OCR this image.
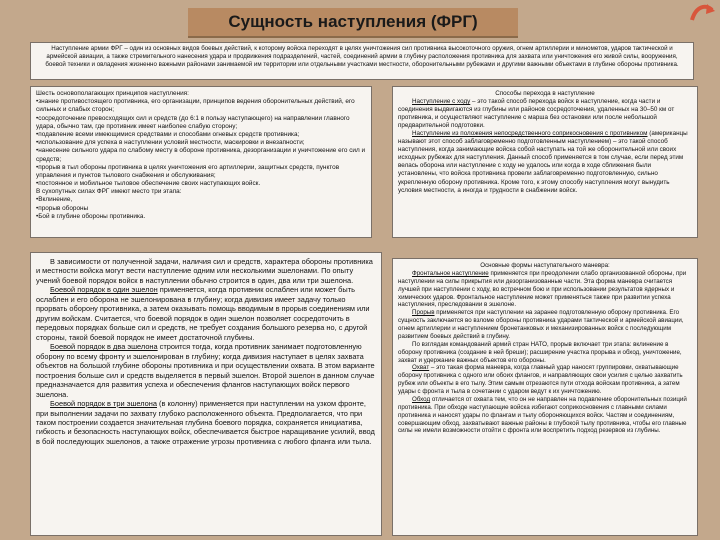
Сущность наступления (ФРГ)

Наступление армии ФРГ – один из основных видов боевых действий, к которому войска переходят в целях уничтожения сил противника высокоточного оружия, огнем артиллерии и минометов, ударов тактической и армейской авиации, а также стремительного нанесения удара и продвижения подразделений, частей, соединений армии в глубину расположения противника для захвата или уничтожения его живой силы, вооружения, боевой техники и овладения жизненно важными районами занимаемой им территории или отдельными участками местности, оборонительными рубежами и другими важными объектами в глубине обороны противника.

Шесть основополагающих принципов наступления:

•знание противостоящего противника, его организации, принципов ведения оборонительных действий, его сильных и слабых сторон;

•сосредоточение превосходящих сил и средств (до 6:1 в пользу наступающего) на направлении главного удара, обычно там, где противник имеет наиболее слабую сторону;

•подавление всеми имеющимися средствами и способами огневых средств противника;

•использование для успеха в наступлении условий местности, маскировки и внезапности;

•нанесение сильного удара по слабому месту в обороне противника, дезорганизации и уничтожение его сил и средств;

•прорыв в тыл обороны противника в целях уничтожения его артиллерии, защитных средств, пунктов управления и пунктов тылового снабжения и обслуживания;

•постоянное и мобильное тыловое обеспечение своих наступающих войск.

В сухопутных силах ФРГ имеют место три этапа:

•Вклинение,

•прорыв обороны

•Бой в глубине обороны противника.

Способы перехода в наступление

Наступление с ходу – это такой способ перехода войск в наступление, когда части и соединения выдвигаются из глубины или районов сосредоточения, удаленных на 30–50 км от противника, и осуществляют наступление с марша без остановки или после небольшой предварительной подготовки.

Наступление из положения непосредственного соприкосновения с противником (американцы называют этот способ заблаговременно подготовленным наступлением) – это такой способ наступления, когда занимающие войска собой наступать на той же оборонительной или своих исходных рубежах для наступления. Данный способ применяется в том случае, если перед этим велась оборона или наступление с ходу не удалось или когда в ходе сближения были установлены, что войска противника провели заблаговременно подготовленную, сильно укрепленную оборону противника. Кроме того, к этому способу наступления могут вынудить условия местности, а иногда и трудности в снабжении войск.

В зависимости от полученной задачи, наличия сил и средств, характера обороны противника и местности войска могут вести наступление одним или несколькими эшелонами. По опыту учений боевой порядок войск в наступлении обычно строится в один, два или три эшелона.

Боевой порядок в один эшелон применяется, когда противник ослаблен или может быть ослаблен и его оборона не эшелонирована в глубину; когда дивизия имеет задачу только прорвать оборону противника, а затем оказывать помощь вводимым в прорыв соединениям или другим войскам. Считается, что боевой порядок в один эшелон позволяет сосредоточить в передовых порядках больше сил и средств, не требует создания большого резерва но, с другой стороны, такой боевой порядок не имеет достаточной глубины.

Боевой порядок в два эшелона строится тогда, когда противник занимает подготовленную оборону по всему фронту и эшелонирован в глубину; когда дивизия наступает в целях захвата объектов на большой глубине обороны противника и при осуществлении охвата. В этом варианте построения больше сил и средств выделяется в первый эшелон. Второй эшелон в данном случае предназначается для развития успеха и обеспечения флангов наступающих войск первого эшелона.

Боевой порядок в три эшелона (в колонну) применяется при наступлении на узком фронте, при выполнении задачи по захвату глубоко расположенного объекта. Предполагается, что при таком построении создается значительная глубина боевого порядка, сохраняется инициатива, гибкость и безопасность наступающих войск, обеспечивается быстрое наращивание усилий, ввод в бой последующих эшелонов, а также отражение угрозы противника с любого фланга или тыла.

Основные формы наступательного маневра:

Фронтальное наступление применяется при преодолении слабо организованной обороны, при наступлении на силы прикрытия или дезорганизованные части. Эта форма маневра считается лучшей при наступлении с ходу, во встречном бою и при использовании результатов ядерных и химических ударов. Фронтальное наступление может применяться также при развитии успеха наступления, преследовании в эшелоне.

Прорыв применяется при наступлении на заранее подготовленную оборону противника. Его сущность заключается во взломе обороны противника ударами тактической и армейской авиации, огнем артиллерии и наступлением бронетанковых и механизированных войск с последующим развитием боевых действий в глубину.

По взглядам командований армий стран НАТО, прорыв включает три этапа: вклинение в оборону противника (создание в ней бреши); расширение участка прорыва и обход, уничтожение, захват и удержание важных объектов его обороны.

Охват – это такая форма маневра, когда главный удар наносят группировки, охватывающие оборону противника с одного или обоих флангов, и направляющих свои усилия с целью захватить рубеж или объекты в его тылу. Этим самым отрезаются пути отхода войскам противника, а затем удары с фронта и тыла в сочетании с ударом ведут к их уничтожению.

Обход отличается от охвата тем, что он не направлен на подавление оборонительных позиций противника. При обходе наступающие войска избегают соприкосновения с главными силами противника и наносят удары по флангам и тылу обороняющихся войск. Частям и соединениям, совершающим обход, захватывают важные районы в глубокой тылу противника, чтобы его главные силы не имели возможности отойти с фронта или воспретить подход резервов из глубины.
